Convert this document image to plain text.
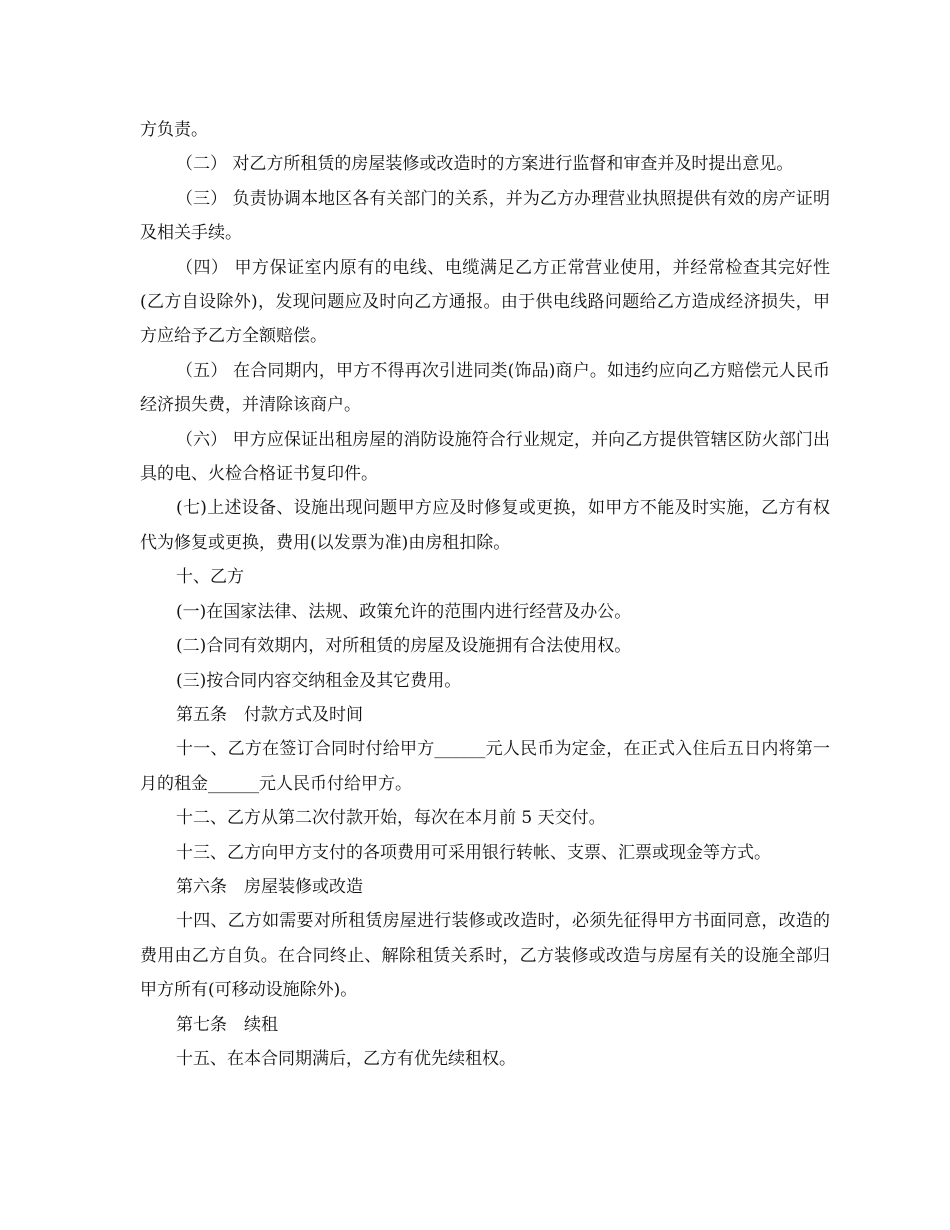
方负责。

（二） 对乙方所租赁的房屋装修或改造时的方案进行监督和审查并及时提出意见。

（三） 负责协调本地区各有关部门的关系，并为乙方办理营业执照提供有效的房产证明及相关手续。

（四） 甲方保证室内原有的电线、电缆满足乙方正常营业使用，并经常检查其完好性(乙方自设除外)，发现问题应及时向乙方通报。由于供电线路问题给乙方造成经济损失，甲方应给予乙方全额赔偿。

（五） 在合同期内，甲方不得再次引进同类(饰品)商户。如违约应向乙方赔偿元人民币经济损失费，并清除该商户。

（六） 甲方应保证出租房屋的消防设施符合行业规定，并向乙方提供管辖区防火部门出具的电、火检合格证书复印件。

(七)上述设备、设施出现问题甲方应及时修复或更换，如甲方不能及时实施，乙方有权代为修复或更换，费用(以发票为准)由房租扣除。

十、乙方

(一)在国家法律、法规、政策允许的范围内进行经营及办公。

(二)合同有效期内，对所租赁的房屋及设施拥有合法使用权。

(三)按合同内容交纳租金及其它费用。

第五条　付款方式及时间

十一、乙方在签订合同时付给甲方______元人民币为定金，在正式入住后五日内将第一月的租金______元人民币付给甲方。

十二、乙方从第二次付款开始，每次在本月前 5 天交付。

十三、乙方向甲方支付的各项费用可采用银行转帐、支票、汇票或现金等方式。

第六条　房屋装修或改造

十四、乙方如需要对所租赁房屋进行装修或改造时，必须先征得甲方书面同意，改造的费用由乙方自负。在合同终止、解除租赁关系时，乙方装修或改造与房屋有关的设施全部归甲方所有(可移动设施除外)。

第七条　续租

十五、在本合同期满后，乙方有优先续租权。
